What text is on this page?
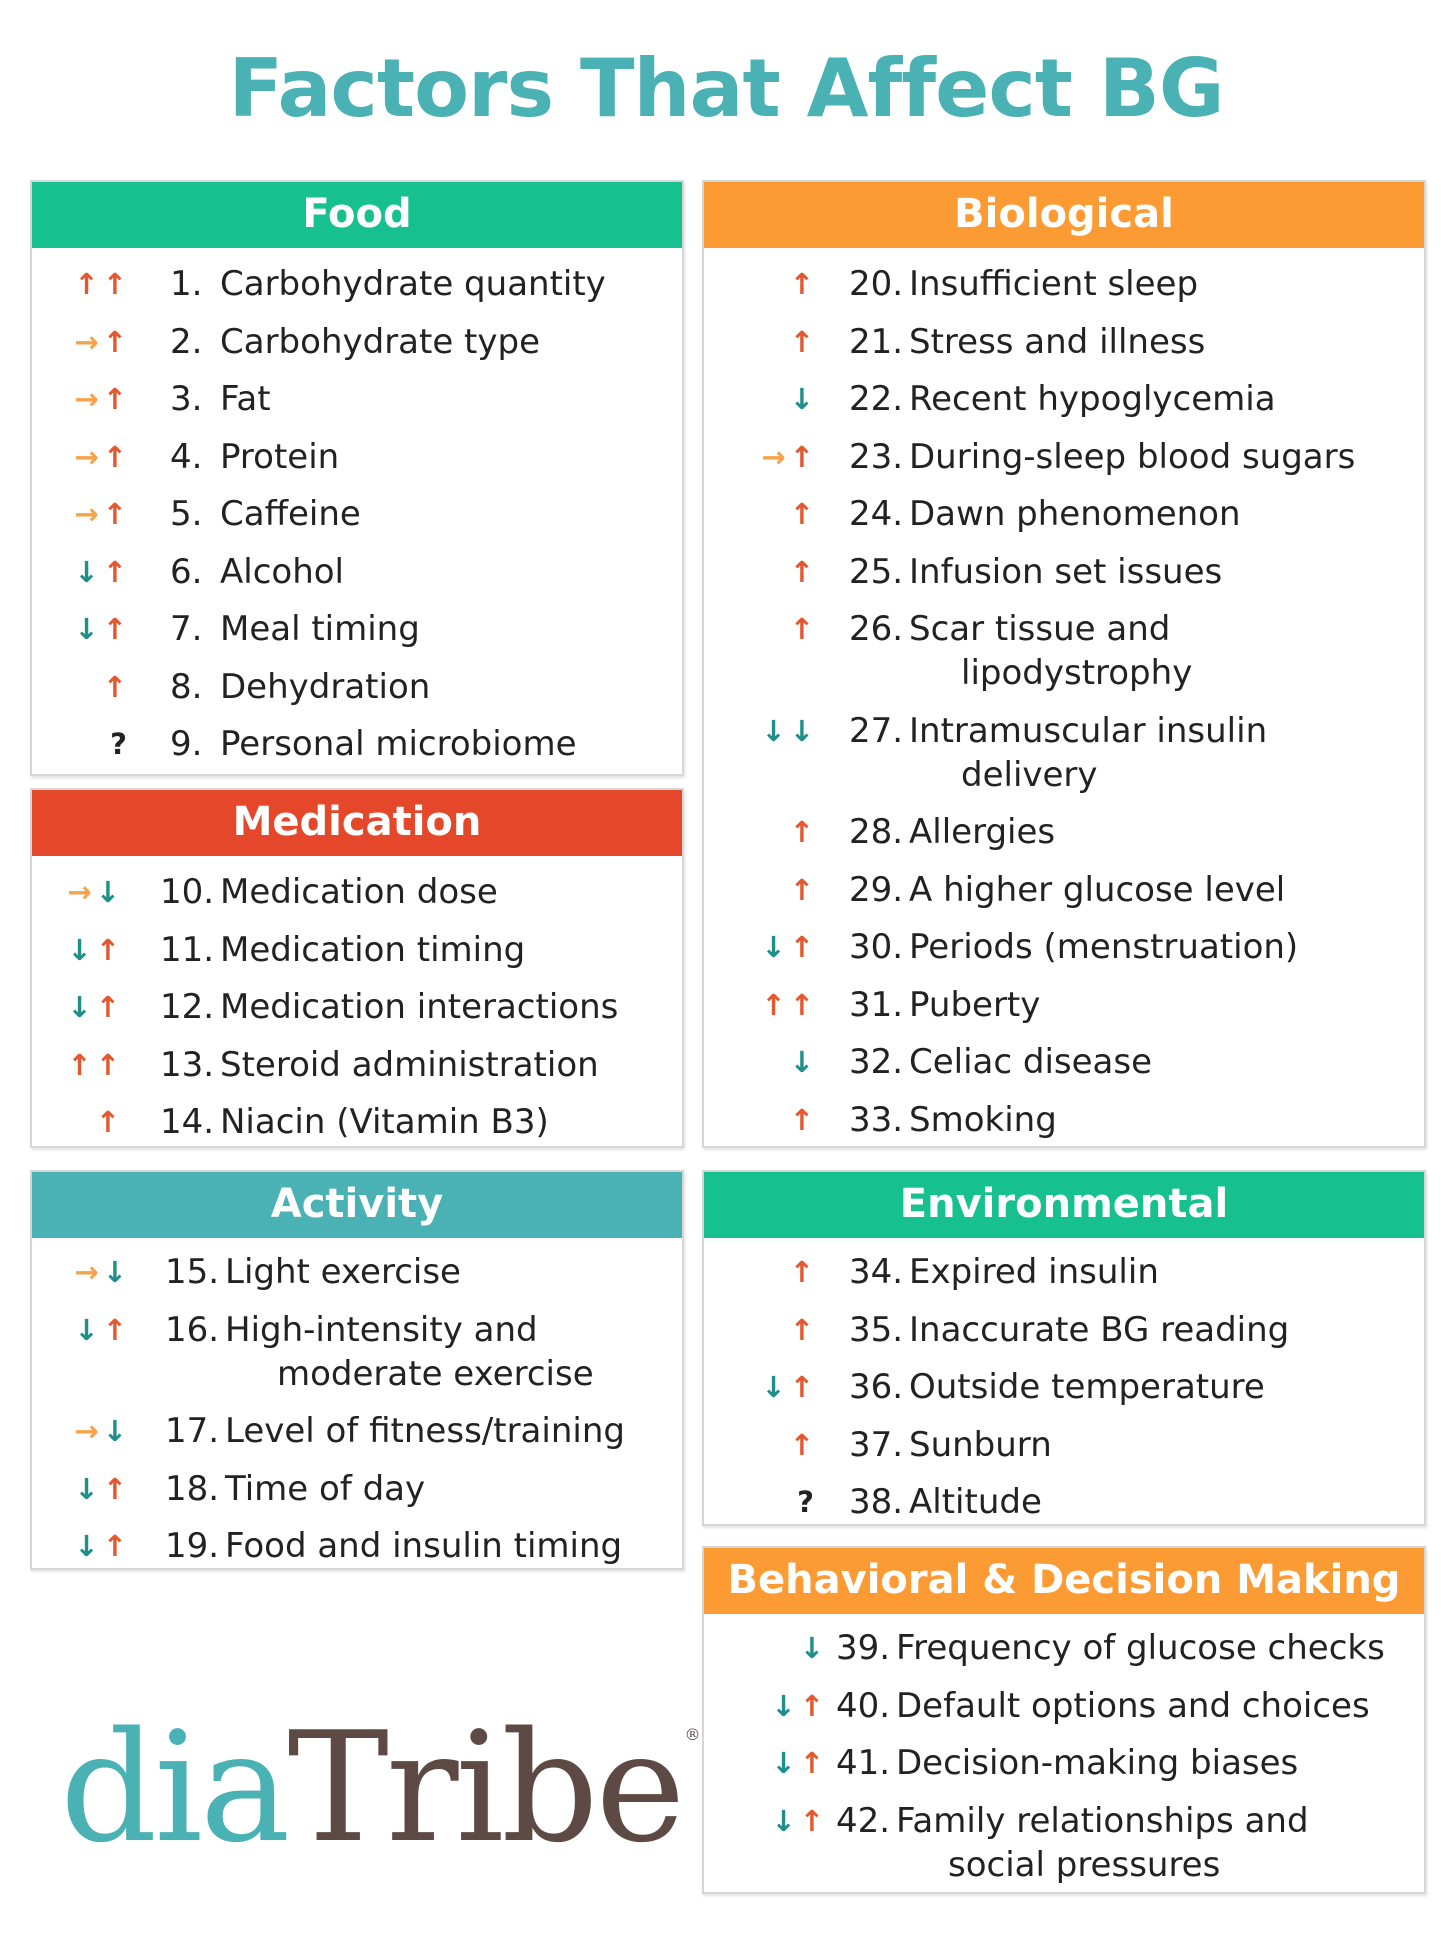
Factors That Affect BG
Food
↑ ↑ 1. Carbohydrate quantity
→ ↑ 2. Carbohydrate type
→ ↑ 3. Fat
→ ↑ 4. Protein
→ ↑ 5. Caffeine
↓ ↑ 6. Alcohol
↓ ↑ 7. Meal timing
↑ 8. Dehydration
? 9. Personal microbiome
Medication
→ ↓ 10. Medication dose
↓ ↑ 11. Medication timing
↓ ↑ 12. Medication interactions
↑ ↑ 13. Steroid administration
↑ 14. Niacin (Vitamin B3)
Activity
→ ↓ 15. Light exercise
↓ ↑ 16. High-intensity and
moderate exercise
→ ↓ 17. Level of fitness/training
↓ ↑ 18. Time of day
↓ ↑ 19. Food and insulin timing
Biological
↑ 20. Insufficient sleep
↑ 21. Stress and illness
↓ 22. Recent hypoglycemia
→ ↑ 23. During-sleep blood sugars
↑ 24. Dawn phenomenon
↑ 25. Infusion set issues
↑ 26. Scar tissue and
lipodystrophy
↓ ↓ 27. Intramuscular insulin
delivery
↑ 28. Allergies
↑ 29. A higher glucose level
↓ ↑ 30. Periods (menstruation)
↑ ↑ 31. Puberty
↓ 32. Celiac disease
↑ 33. Smoking
Environmental
↑ 34. Expired insulin
↑ 35. Inaccurate BG reading
↓ ↑ 36. Outside temperature
↑ 37. Sunburn
? 38. Altitude
Behavioral & Decision Making
↓ 39. Frequency of glucose checks
↓ ↑ 40. Default options and choices
↓ ↑ 41. Decision-making biases
↓ ↑ 42. Family relationships and
social pressures
diaTribe ®
